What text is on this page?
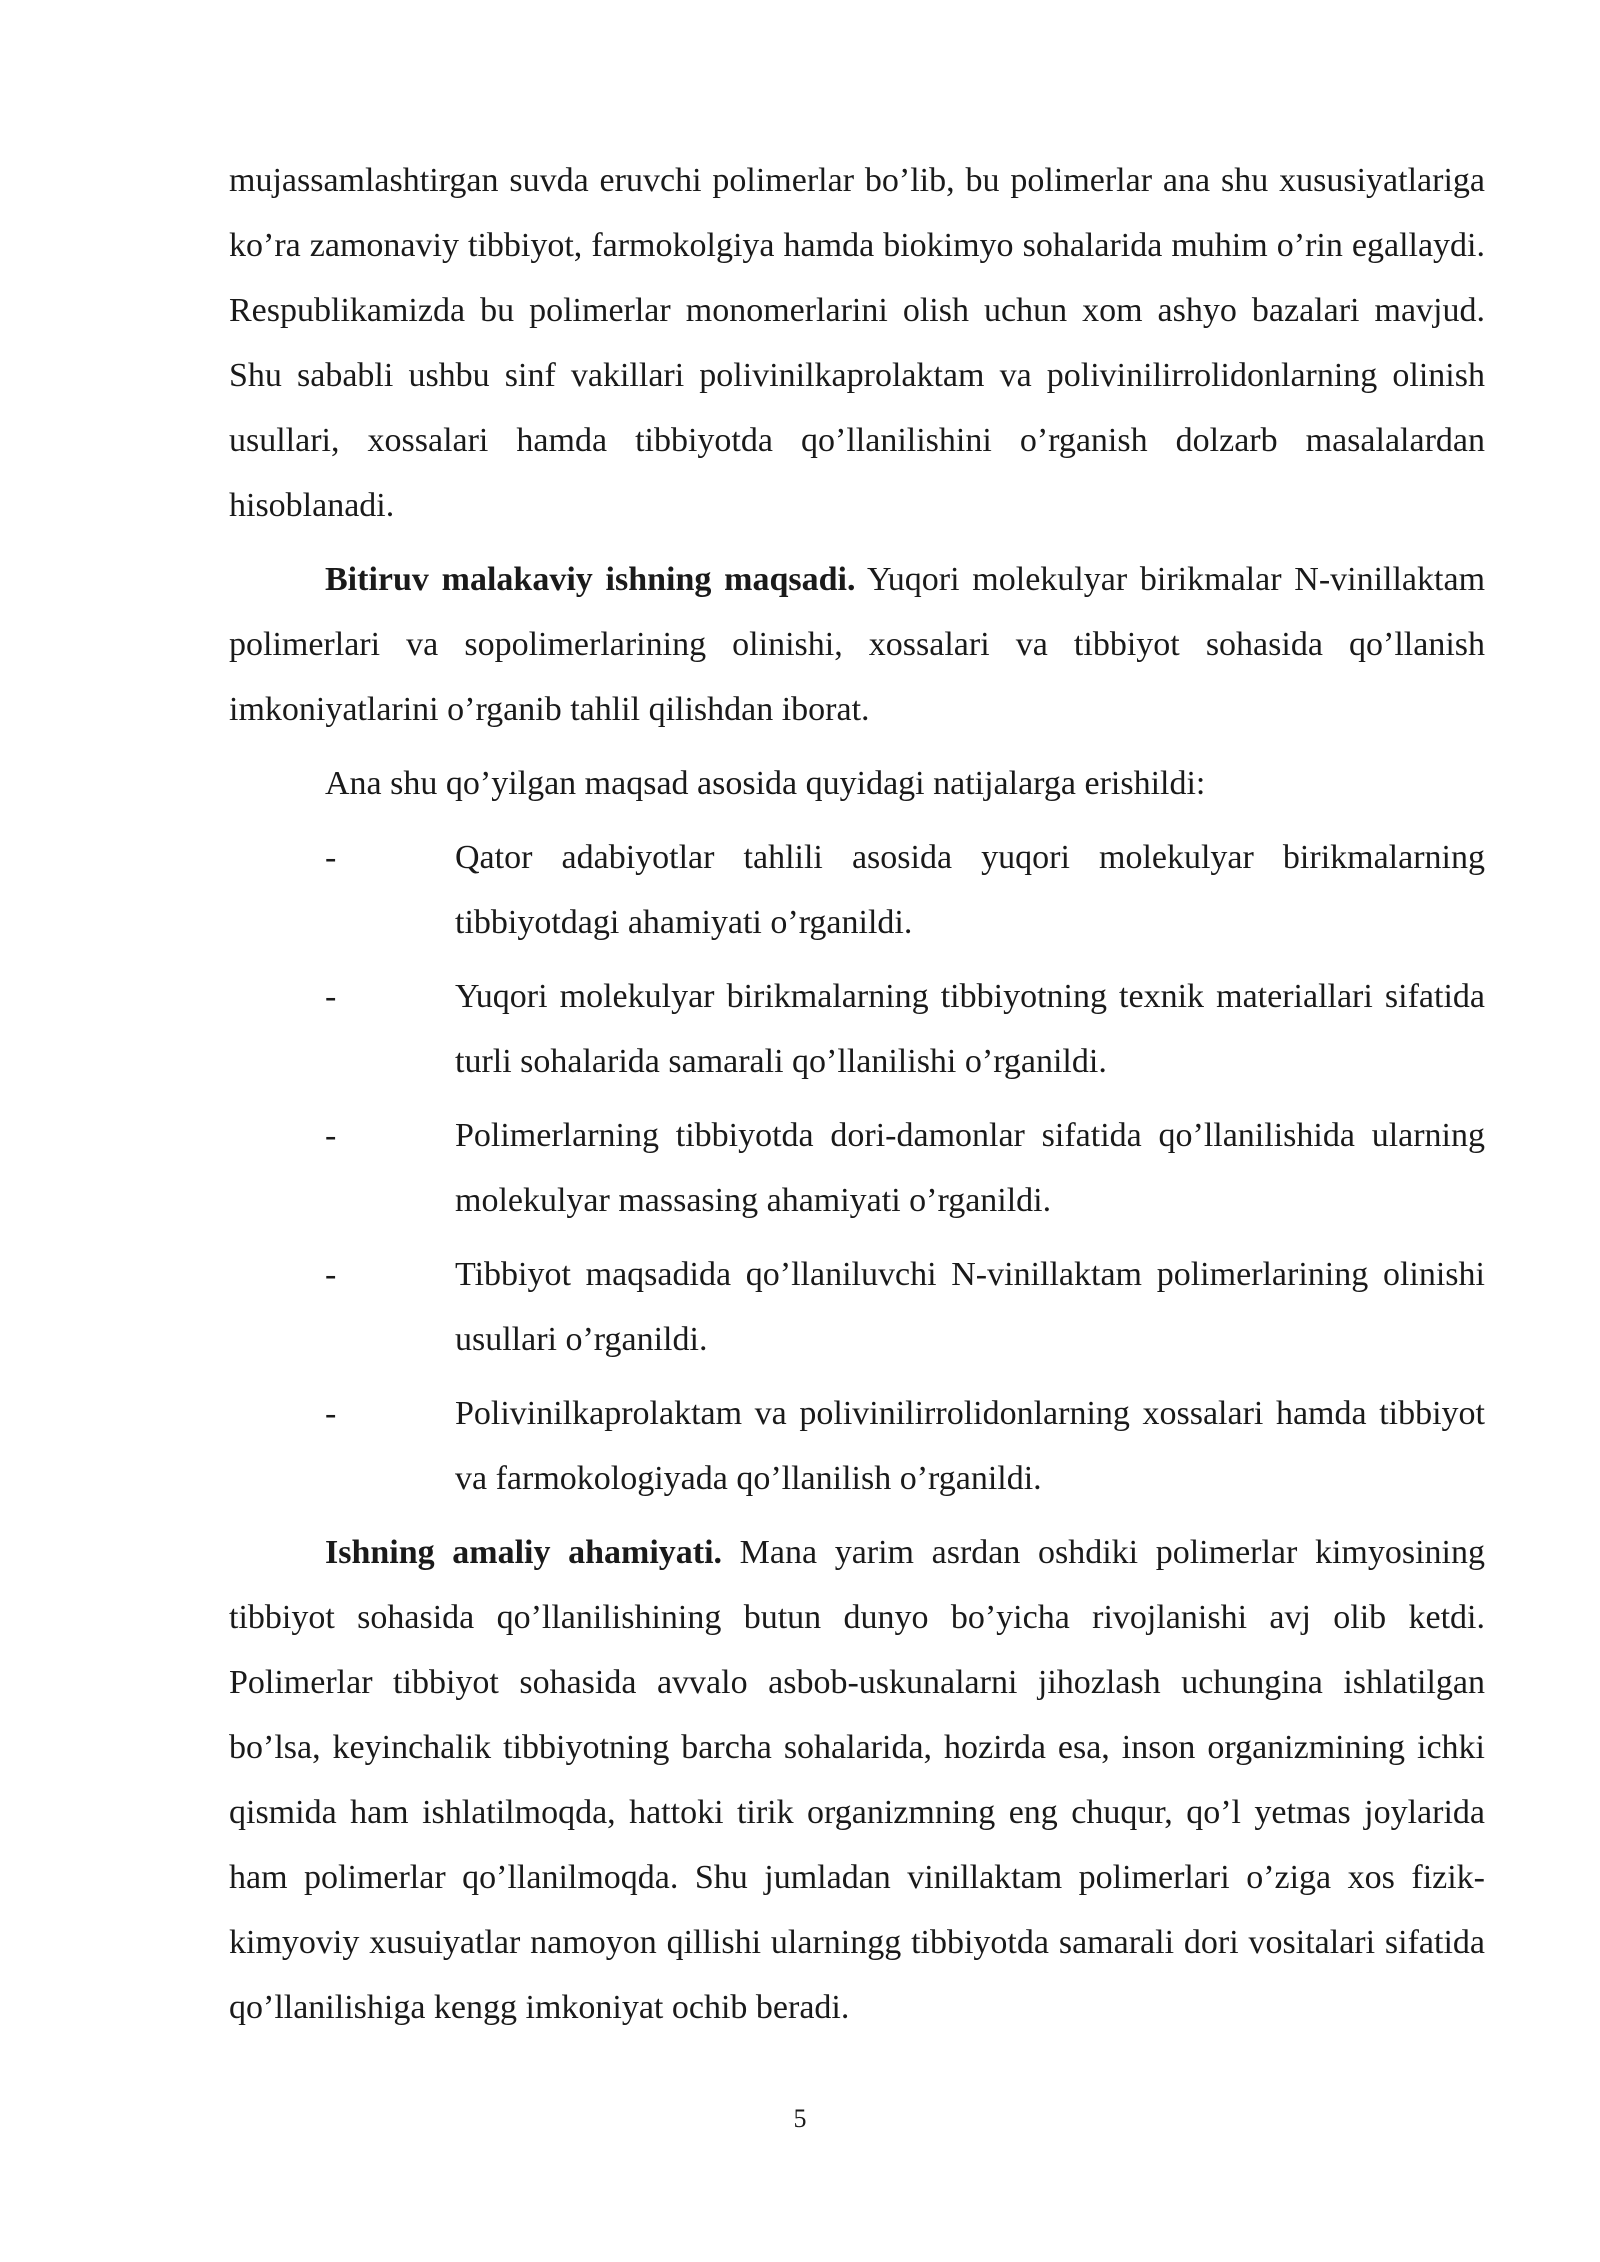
mujassamlashtirgan suvda eruvchi polimerlar bo’lib, bu polimerlar ana shu xususiyatlariga ko’ra zamonaviy tibbiyot, farmokolgiya hamda biokimyo sohalarida muhim o’rin egallaydi. Respublikamizda bu polimerlar monomerlarini olish uchun xom ashyo bazalari mavjud. Shu sababli ushbu sinf vakillari polivinilkaprolaktam va polivinilirrolidonlarning olinish usullari, xossalari hamda tibbiyotda qo’llanilishini o’rganish dolzarb masalalardan hisoblanadi.

Bitiruv malakaviy ishning maqsadi. Yuqori molekulyar birikmalar N-vinillaktam polimerlari va sopolimerlarining olinishi, xossalari va tibbiyot sohasida qo’llanish imkoniyatlarini o’rganib tahlil qilishdan iborat.

Ana shu qo’yilgan maqsad asosida quyidagi natijalarga erishildi:

-	Qator adabiyotlar tahlili asosida yuqori molekulyar birikmalarning tibbiyotdagi ahamiyati o’rganildi.
-	Yuqori molekulyar birikmalarning tibbiyotning texnik materiallari sifatida turli sohalarida samarali qo’llanilishi o’rganildi.
-	Polimerlarning tibbiyotda dori-damonlar sifatida qo’llanilishida ularning molekulyar massasing ahamiyati o’rganildi.
-	Tibbiyot maqsadida qo’llaniluvchi N-vinillaktam polimerlarining olinishi usullari o’rganildi.
-	Polivinilkaprolaktam va polivinilirrolidonlarning xossalari hamda tibbiyot va farmokologiyada qo’llanilish o’rganildi.

Ishning amaliy ahamiyati. Mana yarim asrdan oshdiki polimerlar kimyosining tibbiyot sohasida qo’llanilishining butun dunyo bo’yicha rivojlanishi avj olib ketdi. Polimerlar tibbiyot sohasida avvalo asbob-uskunalarni jihozlash uchungina ishlatilgan bo’lsa, keyinchalik tibbiyotning barcha sohalarida, hozirda esa, inson organizmining ichki qismida ham ishlatilmoqda, hattoki tirik organizmning eng chuqur, qo’l yetmas joylarida ham polimerlar qo’llanilmoqda. Shu jumladan vinillaktam polimerlari o’ziga xos fizik-kimyoviy xusuiyatlar namoyon qillishi ularningg tibbiyotda samarali dori vositalari sifatida qo’llanilishiga kengg imkoniyat ochib beradi.

5
